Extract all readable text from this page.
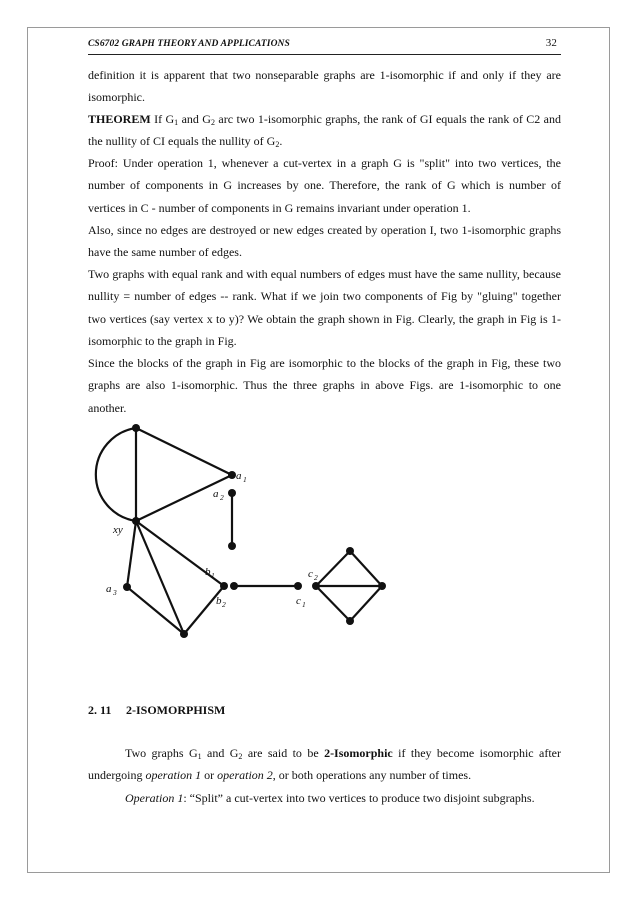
CS6702 GRAPH THEORY AND APPLICATIONS	32

definition it is apparent that two nonseparable graphs are 1-isomorphic if and only if they are isomorphic.

THEOREM If $G_1$ and $G_2$ arc two 1-isomorphic graphs, the rank of GI equals the rank of C2 and the nullity of CI equals the nullity of $G_2$.

Proof: Under operation 1, whenever a cut-vertex in a graph G is "split" into two vertices, the number of components in G increases by one. Therefore, the rank of G which is number of vertices in C - number of components in G remains invariant under operation 1.

Also, since no edges are destroyed or new edges created by operation I, two 1-isomorphic graphs have the same number of edges.

Two graphs with equal rank and with equal numbers of edges must have the same nullity, because nullity = number of edges -- rank. What if we join two components of Fig by "gluing" together two vertices (say vertex x to y)? We obtain the graph shown in Fig. Clearly, the graph in Fig is 1-isomorphic to the graph in Fig.

Since the blocks of the graph in Fig are isomorphic to the blocks of the graph in Fig, these two graphs are also 1-isomorphic. Thus the three graphs in above Figs. are 1-isomorphic to one another.

a 1
a 2
xy
a 3
b 1
b 2	c 1
c 2
2. 11 2-ISOMORPHISM

Two graphs $G_1$ and $G_2$ are said to be 2-Isomorphic if they become isomorphic after undergoing operation 1 or operation 2, or both operations any number of times.

Operation 1: “Split” a cut-vertex into two vertices to produce two disjoint subgraphs.
